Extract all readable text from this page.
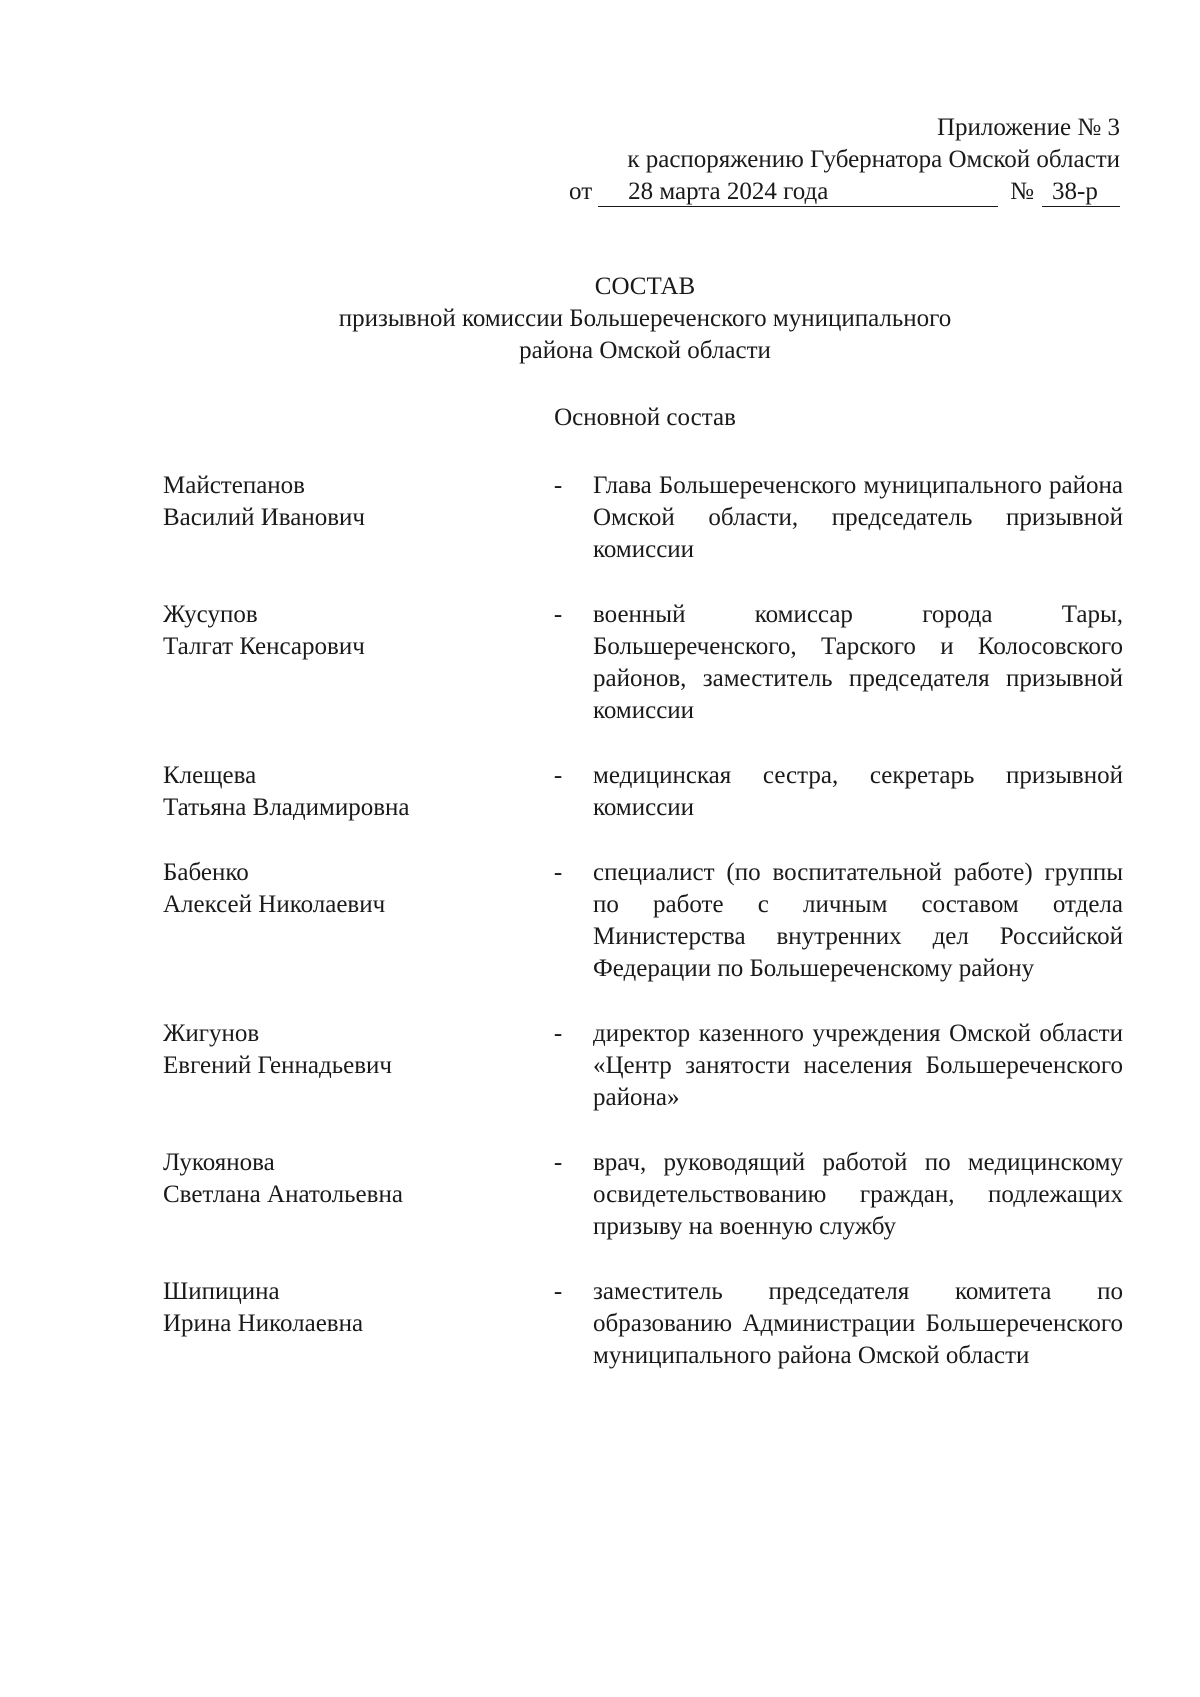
Приложение № 3
к распоряжению Губернатора Омской области
от	28 марта 2024 года	№ 38-р
СОСТАВ
призывной комиссии Большереченского муниципального
района Омской области
Основной состав
Майстепанов
Василий Иванович
-	Глава Большереченского муниципального района Омской области, председатель призывной комиссии
Жусупов
Талгат Кенсарович
-	военный комиссар города Тары, Большереченского, Тарского и Колосовского районов, заместитель председателя призывной комиссии
Клещева
Татьяна Владимировна
-	медицинская сестра, секретарь призывной комиссии
Бабенко
Алексей Николаевич
-	специалист (по воспитательной работе) группы по работе с личным составом отдела Министерства внутренних дел Российской Федерации по Большереченскому району
Жигунов
Евгений Геннадьевич
-	директор казенного учреждения Омской области «Центр занятости населения Большереченского района»
Лукоянова
Светлана Анатольевна
-	врач, руководящий работой по медицинскому освидетельствованию граждан, подлежащих призыву на военную службу
Шипицина
Ирина Николаевна
-	заместитель председателя комитета по образованию Администрации Большереченского муниципального района Омской области
